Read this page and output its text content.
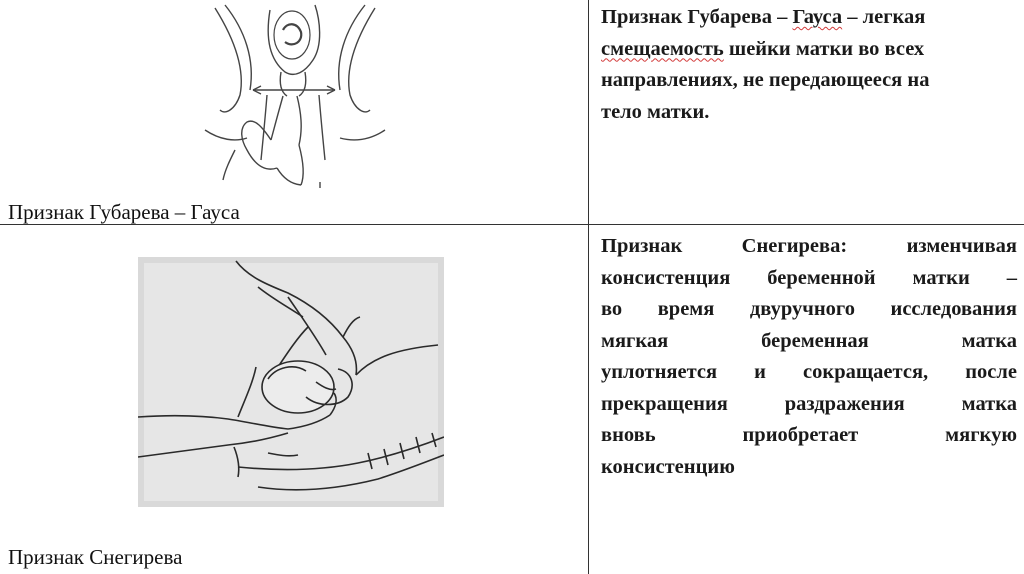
Признак Губарева – Гауса
Признак Губарева – Гауса – легкая
смещаемость шейки матки во всех
направлениях, не передающееся на
тело матки.
Признак Снегирева
Признак Снегирева: изменчивая
консистенция беременной матки –
во время двуручного исследования
мягкая беременная матка
уплотняется и сокращается, после
прекращения раздражения матка
вновь приобретает мягкую
консистенцию
